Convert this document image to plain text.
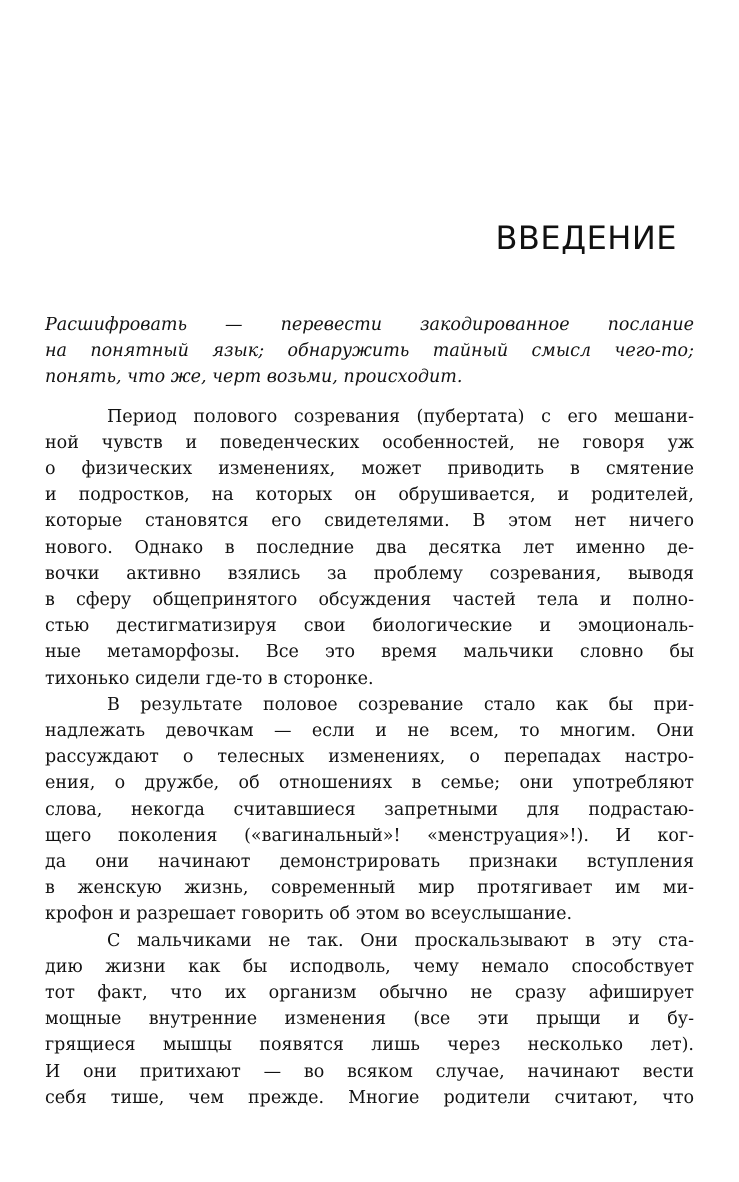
ВВЕДЕНИЕ

Расшифровать — перевести закодированное послание

на понятный язык; обнаружить тайный смысл чего-то;

понять, что же, черт возьми, происходит.

Период полового созревания (пубертата) с его мешани-

ной чувств и поведенческих особенностей, не говоря уж

о физических изменениях, может приводить в смятение

и подростков, на которых он обрушивается, и родителей,

которые становятся его свидетелями. В этом нет ничего

нового. Однако в последние два десятка лет именно де-

вочки активно взялись за проблему созревания, выводя

в сферу общепринятого обсуждения частей тела и полно-

стью дестигматизируя свои биологические и эмоциональ-

ные метаморфозы. Все это время мальчики словно бы

тихонько сидели где-то в сторонке.

В результате половое созревание стало как бы при-

надлежать девочкам — если и не всем, то многим. Они

рассуждают о телесных изменениях, о перепадах настро-

ения, о дружбе, об отношениях в семье; они употребляют

слова, некогда считавшиеся запретными для подрастаю-

щего поколения («вагинальный»! «менструация»!). И ког-

да они начинают демонстрировать признаки вступления

в женскую жизнь, современный мир протягивает им ми-

крофон и разрешает говорить об этом во всеуслышание.

С мальчиками не так. Они проскальзывают в эту ста-

дию жизни как бы исподволь, чему немало способствует

тот факт, что их организм обычно не сразу афиширует

мощные внутренние изменения (все эти прыщи и бу-

грящиеся мышцы появятся лишь через несколько лет).

И они притихают — во всяком случае, начинают вести

себя тише, чем прежде. Многие родители считают, что
